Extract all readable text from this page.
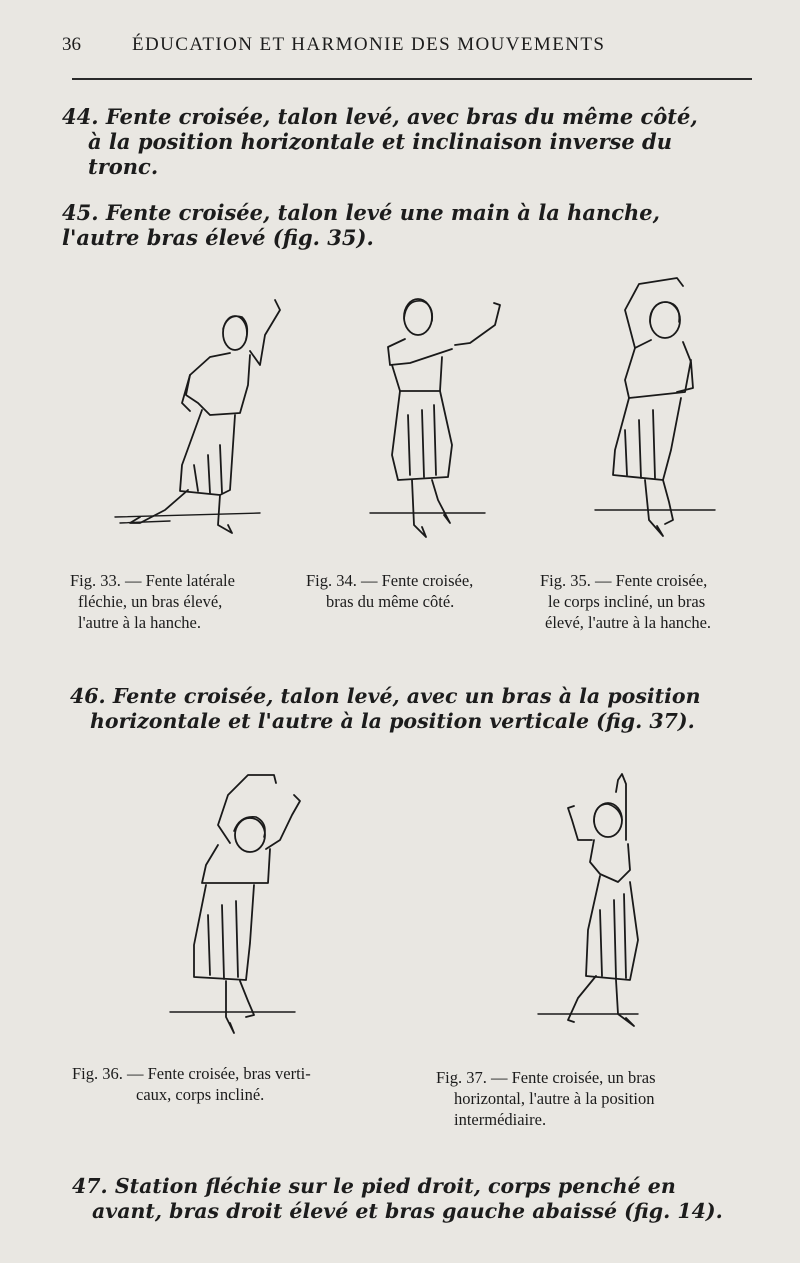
36	ÉDUCATION ET HARMONIE DES MOUVEMENTS
44. Fente croisée, talon levé, avec bras du même côté,
à la position horizontale et inclinaison inverse du
tronc.
45. Fente croisée, talon levé une main à la hanche,
l'autre bras élevé (fig. 35).
Fig. 33. — Fente latérale
fléchie, un bras élevé,
l'autre à la hanche.
Fig. 34. — Fente croisée,
bras du même côté.
Fig. 35. — Fente croisée,
le corps incliné, un bras
élevé, l'autre à la hanche.
46. Fente croisée, talon levé, avec un bras à la position
horizontale et l'autre à la position verticale (fig. 37).
Fig. 36. — Fente croisée, bras verti-
caux, corps incliné.
Fig. 37. — Fente croisée, un bras
horizontal, l'autre à la position
intermédiaire.
47. Station fléchie sur le pied droit, corps penché en
avant, bras droit élevé et bras gauche abaissé (fig. 14).
